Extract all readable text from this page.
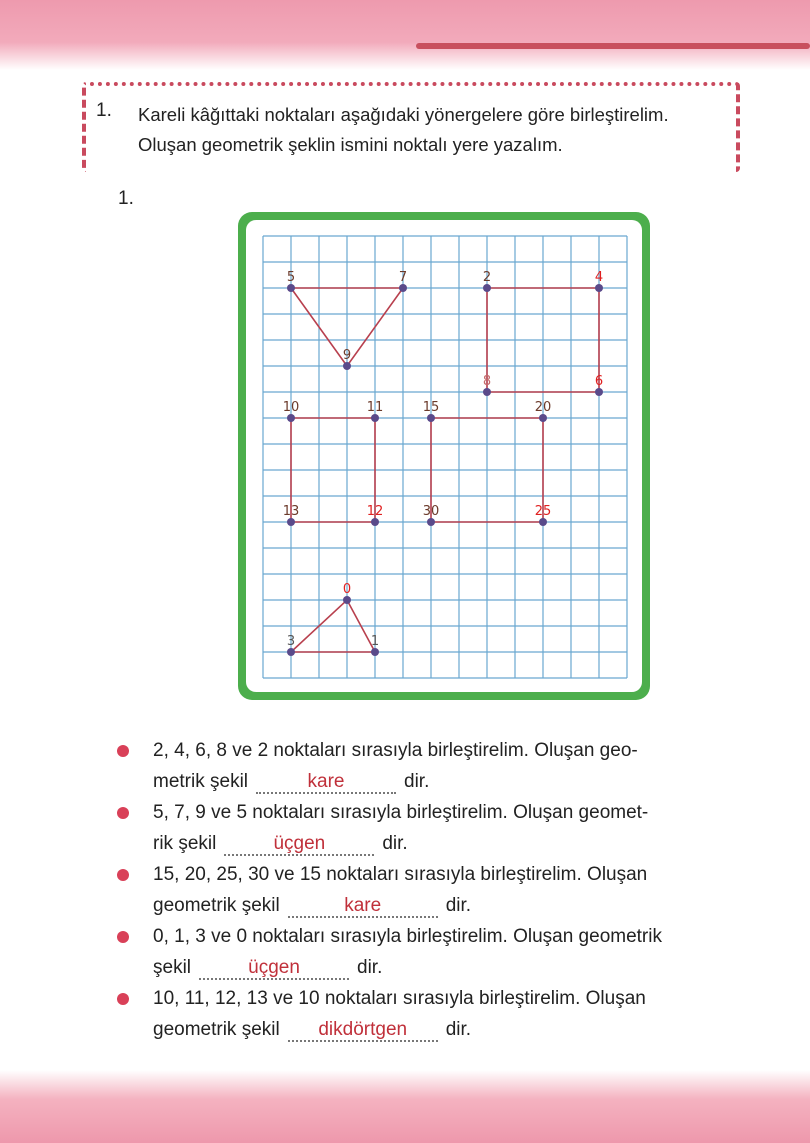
1. Kareli kâğıttaki noktaları aşağıdaki yönergelere göre birleştirelim.
Oluşan geometrik şeklin ismini noktalı yere yazalım.
1.
5	7
9
2	4
8	6
10	11	15	20
13	12	30	25
0
3	1
2, 4, 6, 8 ve 2 noktaları sırasıyla birleştirelim. Oluşan geo-
metrik şekil	kare	dir.
5, 7, 9 ve 5 noktaları sırasıyla birleştirelim. Oluşan geomet-
rik şekil	üçgen	dir.
15, 20, 25, 30 ve 15 noktaları sırasıyla birleştirelim. Oluşan
geometrik şekil	kare	dir.
0, 1, 3 ve 0 noktaları sırasıyla birleştirelim. Oluşan geometrik
şekil	üçgen	dir.
10, 11, 12, 13 ve 10 noktaları sırasıyla birleştirelim. Oluşan
geometrik şekil dikdörtgen dir.
